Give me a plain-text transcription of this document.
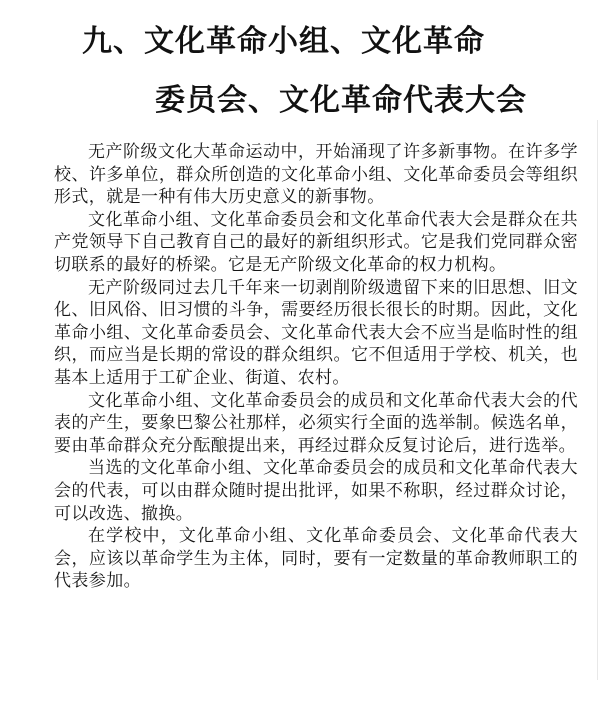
九、文化革命小组、文化革命
委员会、文化革命代表大会

无产阶级文化大革命运动中，开始涌现了许多新事物。在许多学校、许多单位，群众所创造的文化革命小组、文化革命委员会等组织形式，就是一种有伟大历史意义的新事物。

文化革命小组、文化革命委员会和文化革命代表大会是群众在共产党领导下自己教育自己的最好的新组织形式。它是我们党同群众密切联系的最好的桥梁。它是无产阶级文化革命的权力机构。

无产阶级同过去几千年来一切剥削阶级遗留下来的旧思想、旧文化、旧风俗、旧习惯的斗争，需要经历很长很长的时期。因此，文化革命小组、文化革命委员会、文化革命代表大会不应当是临时性的组织，而应当是长期的常设的群众组织。它不但适用于学校、机关，也基本上适用于工矿企业、街道、农村。

文化革命小组、文化革命委员会的成员和文化革命代表大会的代表的产生，要象巴黎公社那样，必须实行全面的选举制。候选名单，要由革命群众充分酝酿提出来，再经过群众反复讨论后，进行选举。

当选的文化革命小组、文化革命委员会的成员和文化革命代表大会的代表，可以由群众随时提出批评，如果不称职，经过群众讨论，可以改选、撤换。

在学校中，文化革命小组、文化革命委员会、文化革命代表大会，应该以革命学生为主体，同时，要有一定数量的革命教师职工的代表参加。
